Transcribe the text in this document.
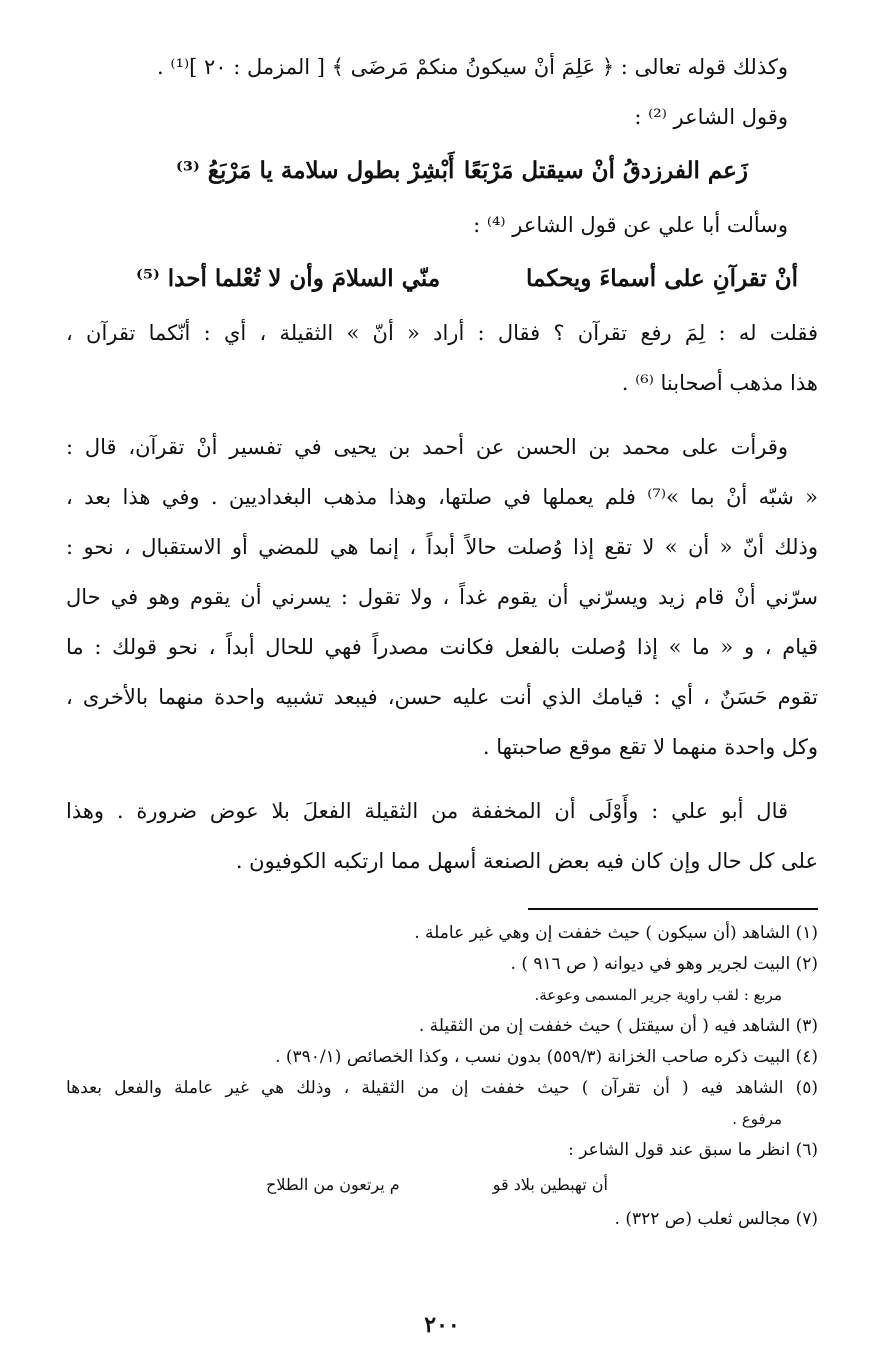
وكذلك قوله تعالى : ﴿ عَلِمَ أنْ سيكونُ منكمْ مَرضَى ﴾ [ المزمل : ٢٠ ]⁽¹⁾ .
وقول الشاعر ⁽²⁾ :
زَعم الفرزدقُ أنْ سيقتل مَرْبَعًا
أَبْشِرْ بطول سلامة يا مَرْبَعُ ⁽³⁾
وسألت أبا علي عن قول الشاعر ⁽⁴⁾ :
أنْ تقرآنِ على أسماءَ ويحكما
منّي السلامَ وأن لا تُعْلما أحدا ⁽⁵⁾
فقلت له : لِمَ رفع تقرآن ؟ فقال : أراد « أنّ » الثقيلة ، أي : أنّكما تقرآن ،
هذا مذهب أصحابنا ⁽⁶⁾ .
وقرأت على محمد بن الحسن عن أحمد بن يحيى في تفسير أنْ تقرآن، قال :
« شبّه أنْ بما »⁽⁷⁾ فلم يعملها في صلتها، وهذا مذهب البغداديين . وفي هذا بعد ،
وذلك أنّ « أن » لا تقع إذا وُصلت حالاً أبداً ، إنما هي للمضي أو الاستقبال ، نحو :
سرّني أنْ قام زيد ويسرّني أن يقوم غداً ، ولا تقول : يسرني أن يقوم وهو في حال
قيام ، و « ما » إذا وُصلت بالفعل فكانت مصدراً فهي للحال أبداً ، نحو قولك : ما
تقوم حَسَنٌ ، أي : قيامك الذي أنت عليه حسن، فيبعد تشبيه واحدة منهما بالأخرى ،
وكل واحدة منهما لا تقع موقع صاحبتها .
قال أبو علي : وأَوْلَى أن المخففة من الثقيلة الفعلَ بلا عوض ضرورة . وهذا
على كل حال وإن كان فيه بعض الصنعة أسهل مما ارتكبه الكوفيون .
(١) الشاهد (أن سيكون ) حيث خففت إن وهي غير عاملة .
(٢) البيت لجرير وهو في ديوانه ( ص ٩١٦ ) .
مربع : لقب راوية جرير المسمى وعوعة.
(٣) الشاهد فيه ( أن سيقتل ) حيث خففت إن من الثقيلة .
(٤) البيت ذكره صاحب الخزانة (٥٥٩/٣) بدون نسب ، وكذا الخصائص (٣٩٠/١) .
(٥) الشاهد فيه ( أن تقرآن ) حيث خففت إن من الثقيلة ، وذلك هي غير عاملة والفعل بعدها
مرفوع .
(٦) انظر ما سبق عند قول الشاعر :
أن تهبطين بلاد قو
م يرتعون من الطلاح
(٧) مجالس ثعلب (ص ٣٢٢) .
٢٠٠
